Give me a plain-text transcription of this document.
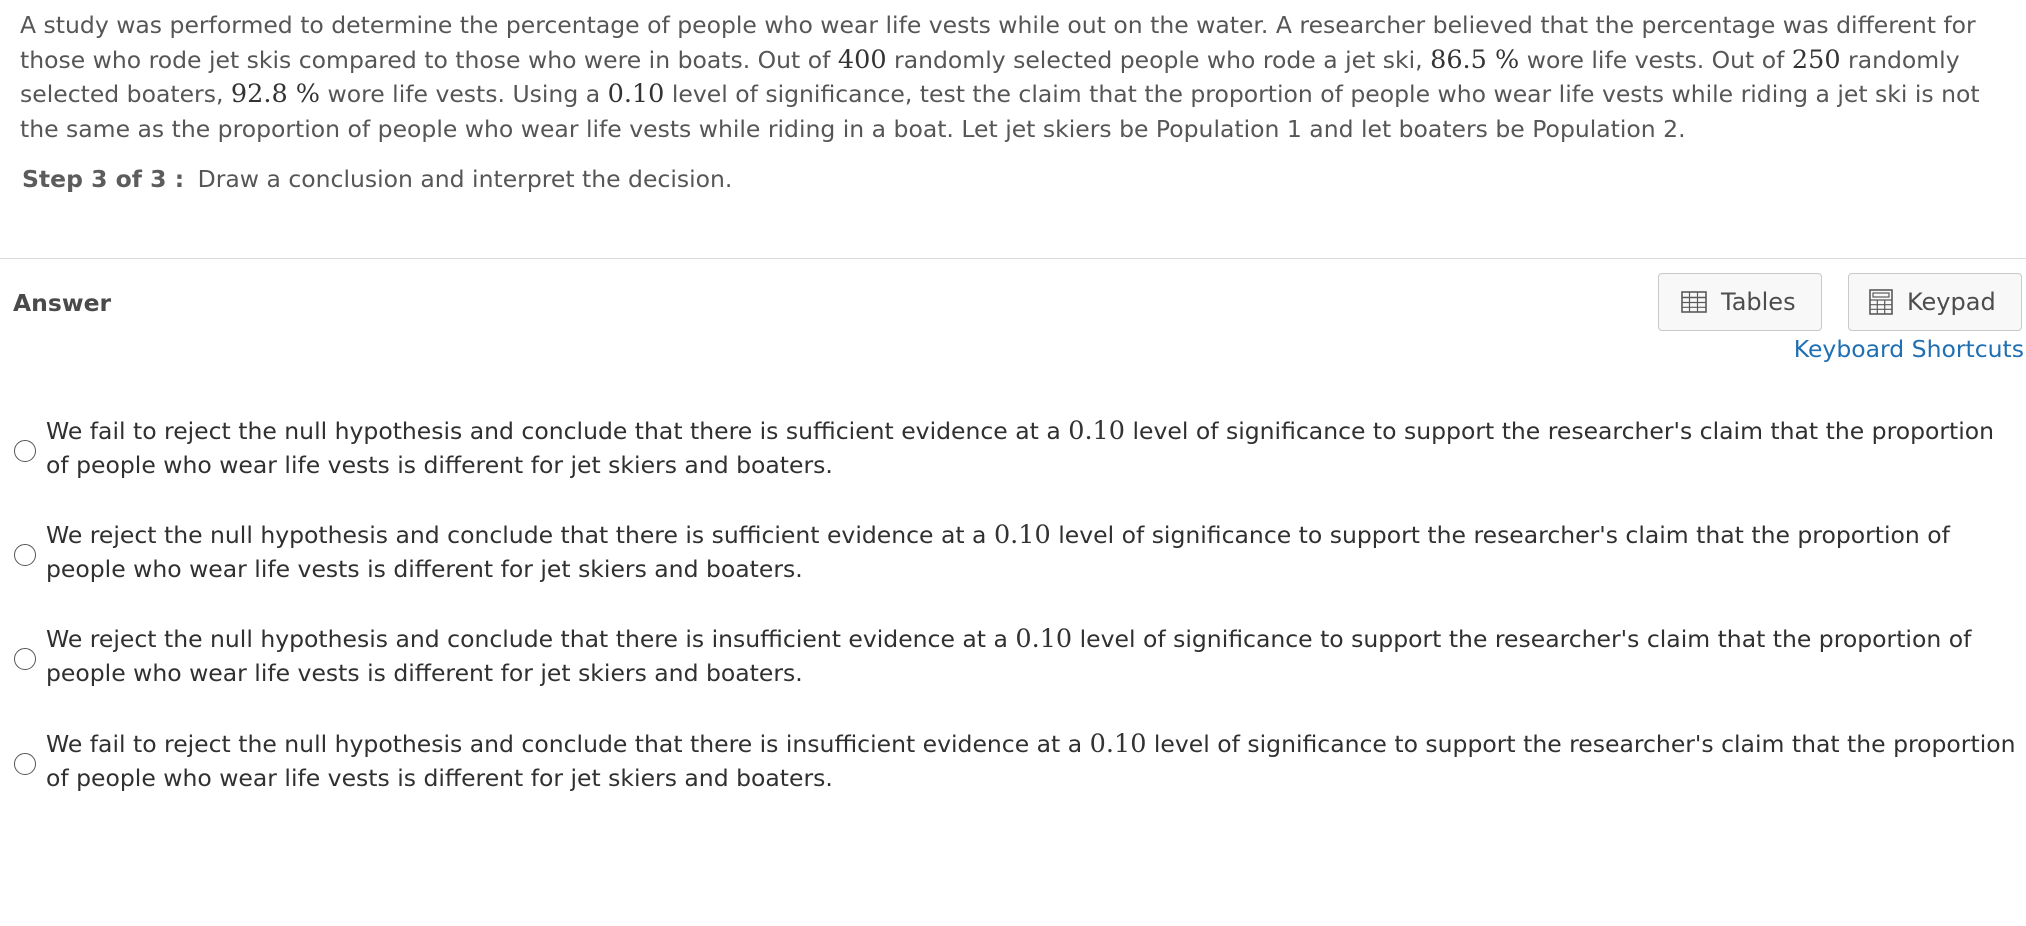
A study was performed to determine the percentage of people who wear life vests while out on the water. A researcher believed that the percentage was different for those who rode jet skis compared to those who were in boats. Out of 400 randomly selected people who rode a jet ski, 86.5 % wore life vests. Out of 250 randomly selected boaters, 92.8 % wore life vests. Using a 0.10 level of significance, test the claim that the proportion of people who wear life vests while riding a jet ski is not the same as the proportion of people who wear life vests while riding in a boat. Let jet skiers be Population 1 and let boaters be Population 2.

Step 3 of 3 : Draw a conclusion and interpret the decision.
Answer	Tables	Keypad
Keyboard Shortcuts
We fail to reject the null hypothesis and conclude that there is sufficient evidence at a 0.10 level of significance to support the researcher's claim that the proportion of people who wear life vests is different for jet skiers and boaters.
We reject the null hypothesis and conclude that there is sufficient evidence at a 0.10 level of significance to support the researcher's claim that the proportion of people who wear life vests is different for jet skiers and boaters.
We reject the null hypothesis and conclude that there is insufficient evidence at a 0.10 level of significance to support the researcher's claim that the proportion of people who wear life vests is different for jet skiers and boaters.
We fail to reject the null hypothesis and conclude that there is insufficient evidence at a 0.10 level of significance to support the researcher's claim that the proportion of people who wear life vests is different for jet skiers and boaters.
